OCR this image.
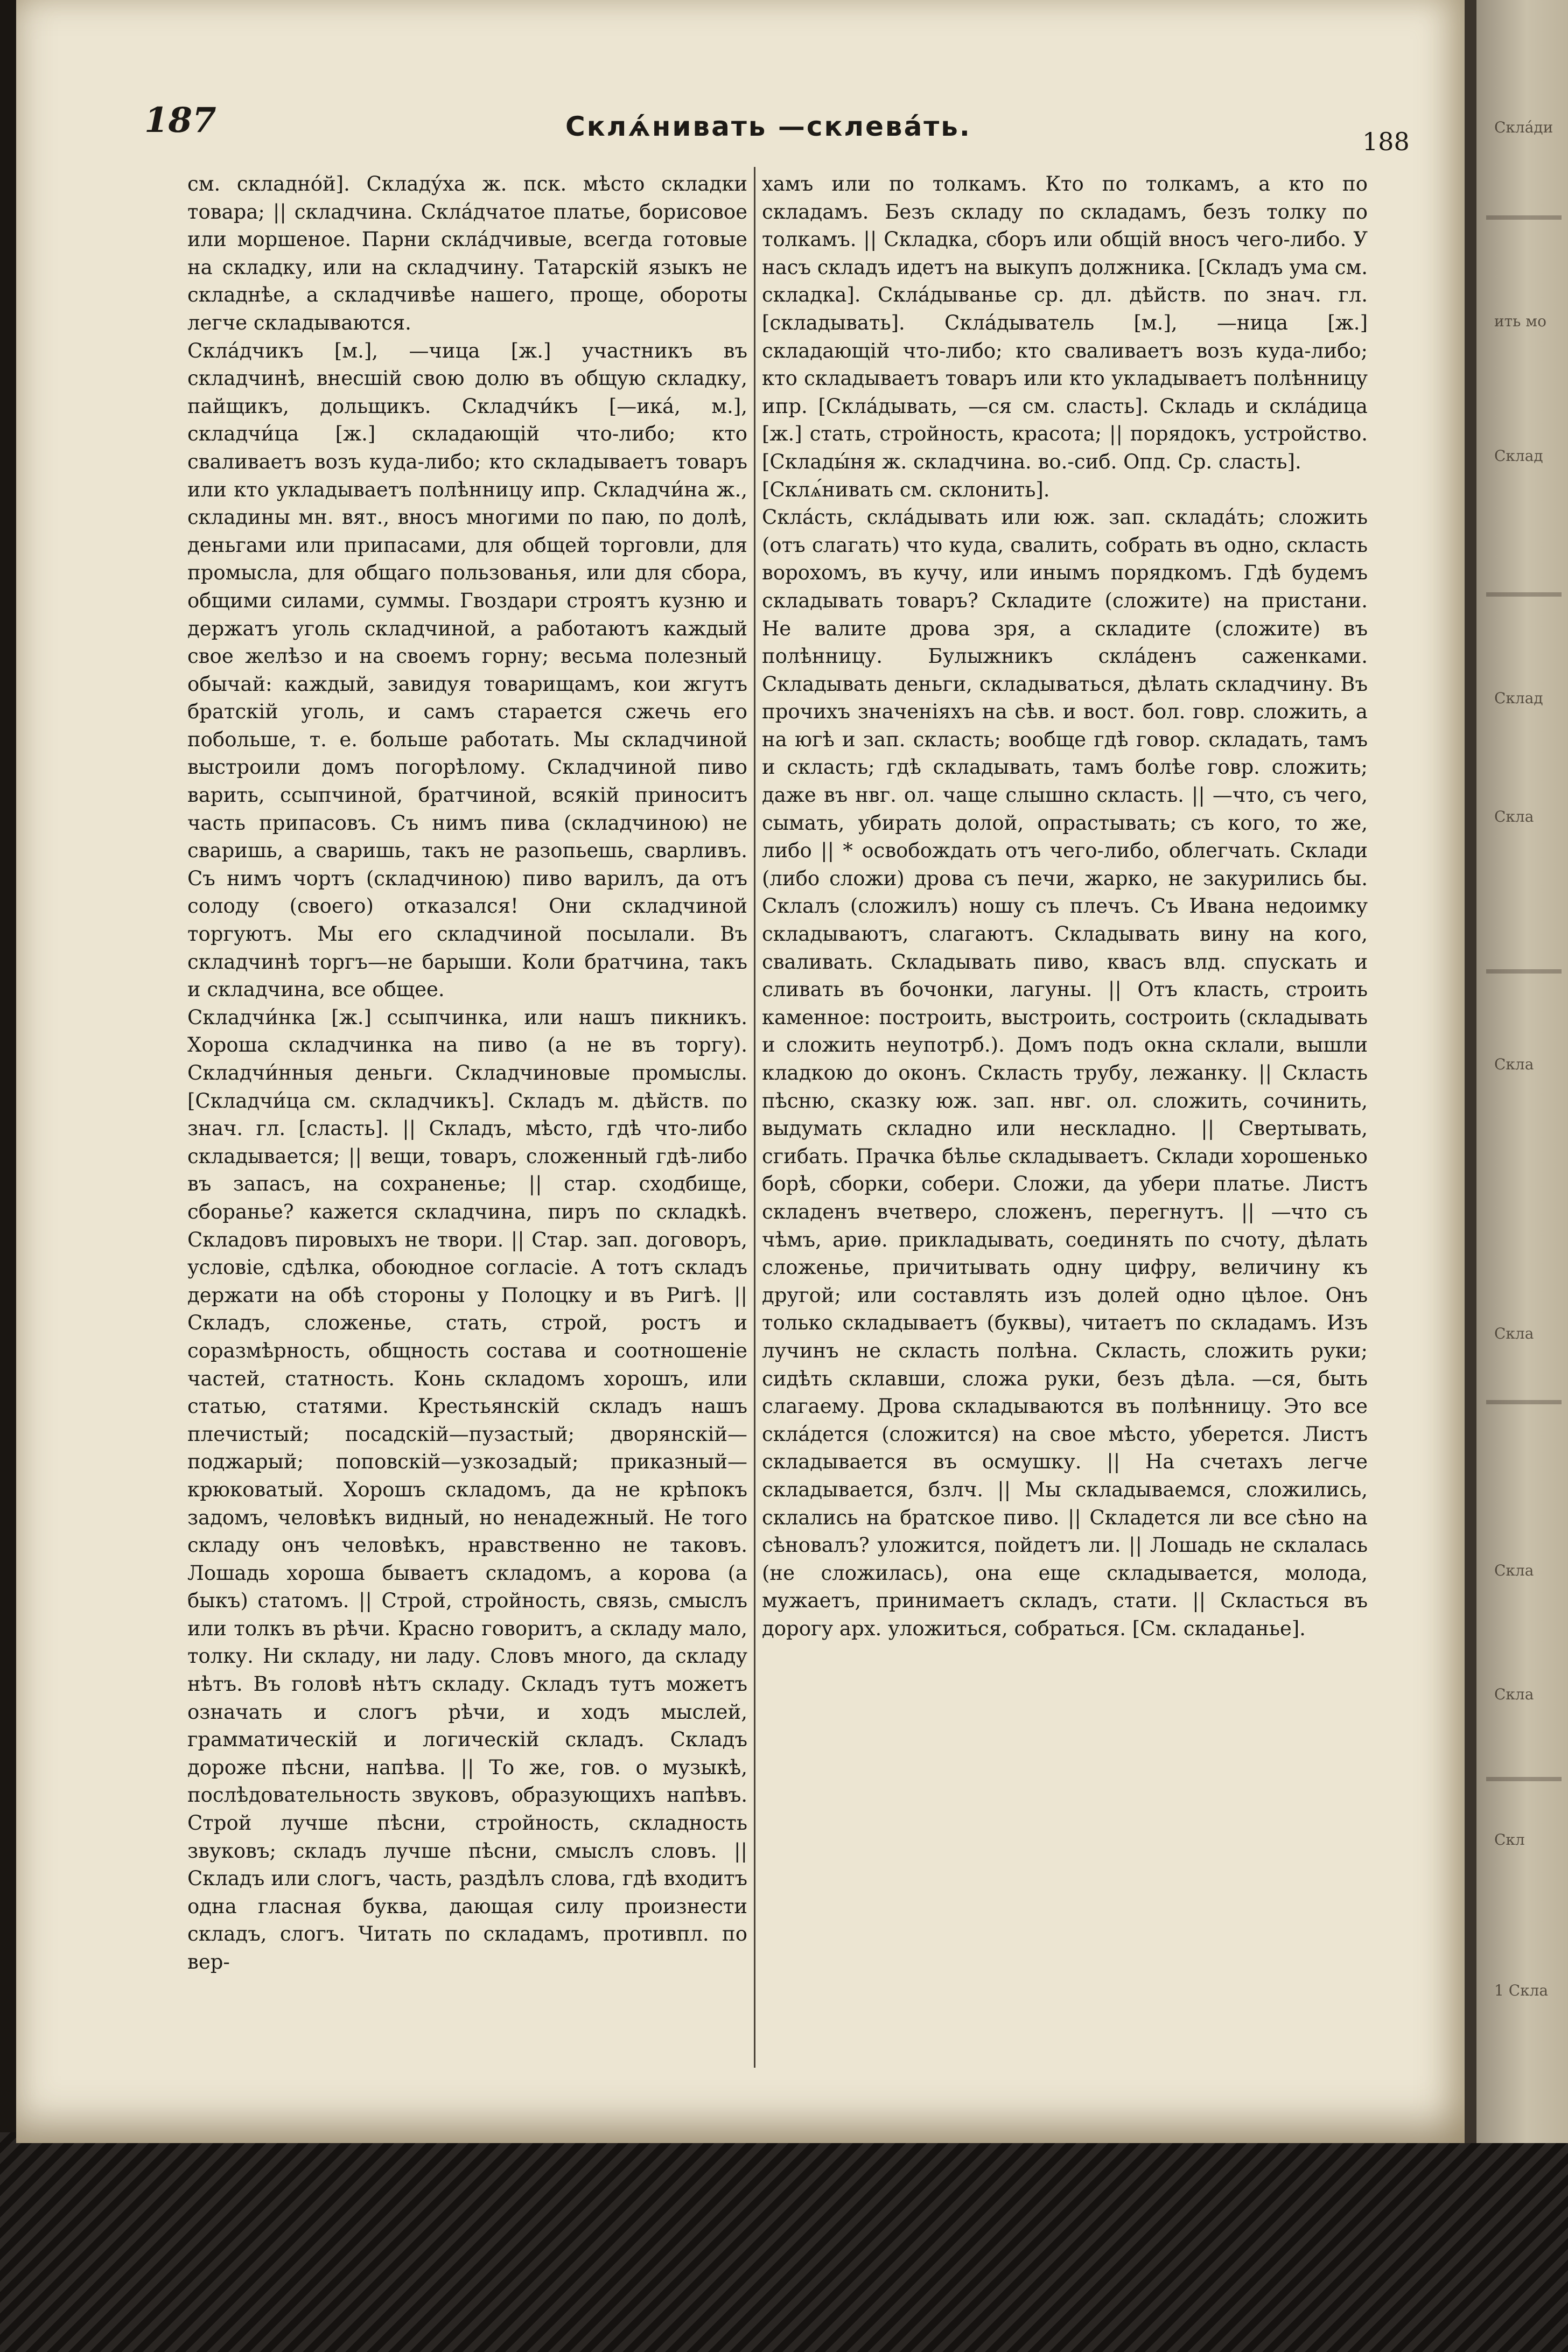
187	Склѧ́нивать —склева́ть.	188

см. складно́й]. Складу́ха ж. пск. мѣсто складки товара; || складчина. Скла́дчатое платье, борисовое или моршеное. Парни скла́дчивые, всегда готовые на складку, или на складчину. Татарскій языкъ не складнѣе, а складчивѣе нашего, проще, обороты легче складываются.

Скла́дчикъ [м.], —чица [ж.] участникъ въ складчинѣ, внесшій свою долю въ общую складку, пайщикъ, дольщикъ. Складчи́къ [—ика́, м.], складчи́ца [ж.] складающій что-либо; кто сваливаетъ возъ куда-либо; кто складываетъ товаръ или кто укладываетъ полѣнницу ипр. Складчи́на ж., складины мн. вят., вносъ многими по паю, по долѣ, деньгами или припасами, для общей торговли, для промысла, для общаго пользованья, или для сбора, общими силами, суммы. Гвоздари строятъ кузню и держатъ уголь складчиной, а работаютъ каждый свое желѣзо и на своемъ горну; весьма полезный обычай: каждый, завидуя товарищамъ, кои жгутъ братскій уголь, и самъ старается сжечь его побольше, т. е. больше работать. Мы складчиной выстроили домъ погорѣлому. Складчиной пиво варить, ссыпчиной, братчиной, всякій приноситъ часть припасовъ. Съ нимъ пива (складчиною) не сваришь, а сваришь, такъ не разопьешь, сварливъ. Съ нимъ чортъ (складчиною) пиво варилъ, да отъ солоду (своего) отказался! Они складчиной торгуютъ. Мы его складчиной посылали. Въ складчинѣ торгъ—не барыши. Коли братчина, такъ и складчина, все общее.

Складчи́нка [ж.] ссыпчинка, или нашъ пикникъ. Хороша складчинка на пиво (а не въ торгу). Складчи́нныя деньги. Складчиновые промыслы. [Складчи́ца см. складчикъ]. Складъ м. дѣйств. по знач. гл. [сласть]. || Складъ, мѣсто, гдѣ что-либо складывается; || вещи, товаръ, сложенный гдѣ-либо въ запасъ, на сохраненье; || стар. сходбище, сборанье? кажется складчина, пиръ по складкѣ. Складовъ пировыхъ не твори. || Стар. зап. договоръ, условіе, сдѣлка, обоюдное согласіе. А тотъ складъ держати на обѣ стороны у Полоцку и въ Ригѣ. || Складъ, сложенье, стать, строй, ростъ и соразмѣрность, общность состава и соотношеніе частей, статность. Конь складомъ хорошъ, или статью, статями. Крестьянскій складъ нашъ плечистый; посадскій—пузастый; дворянскій—поджарый; поповскій—узкозадый; приказный—крюковатый. Хорошъ складомъ, да не крѣпокъ задомъ, человѣкъ видный, но ненадежный. Не того складу онъ человѣкъ, нравственно не таковъ. Лошадь хороша бываетъ складомъ, а корова (а быкъ) статомъ. || Строй, стройность, связь, смыслъ или толкъ въ рѣчи. Красно говоритъ, а складу мало, толку. Ни складу, ни ладу. Словъ много, да складу нѣтъ. Въ головѣ нѣтъ складу. Складъ тутъ можетъ означать и слогъ рѣчи, и ходъ мыслей, грамматическій и логическій складъ. Складъ дороже пѣсни, напѣва. || То же, гов. о музыкѣ, послѣдовательность звуковъ, образующихъ напѣвъ. Строй лучше пѣсни, стройность, складность звуковъ; складъ лучше пѣсни, смыслъ словъ. || Складъ или слогъ, часть, раздѣлъ слова, гдѣ входитъ одна гласная буква, дающая силу произнести складъ, слогъ. Читать по складамъ, противпл. по вер-

хамъ или по толкамъ. Кто по толкамъ, а кто по складамъ. Безъ складу по складамъ, безъ толку по толкамъ. || Складка, сборъ или общій вносъ чего-либо. У насъ складъ идетъ на выкупъ должника. [Складъ ума см. складка]. Скла́дыванье ср. дл. дѣйств. по знач. гл. [складывать]. Скла́дыватель [м.], —ница [ж.] складающій что-либо; кто сваливаетъ возъ куда-либо; кто складываетъ товаръ или кто укладываетъ полѣнницу ипр. [Скла́дывать, —ся см. сласть]. Складь и скла́дица [ж.] стать, стройность, красота; || порядокъ, устройство. [Склады́ня ж. складчина. во.-сиб. Опд. Ср. сласть].

[Склѧ́нивать см. склонить].

Скла́сть, скла́дывать или юж. зап. склада́ть; сложить (отъ слагать) что куда, свалить, собрать въ одно, скласть ворохомъ, въ кучу, или инымъ порядкомъ. Гдѣ будемъ складывать товаръ? Складите (сложите) на пристани. Не валите дрова зря, а складите (сложите) въ полѣнницу. Булыжникъ скла́денъ саженками. Складывать деньги, складываться, дѣлать складчину. Въ прочихъ значеніяхъ на сѣв. и вост. бол. говр. сложить, а на югѣ и зап. скласть; вообще гдѣ говор. складать, тамъ и скласть; гдѣ складывать, тамъ болѣе говр. сложить; даже въ нвг. ол. чаще слышно скласть. || —что, съ чего, сымать, убирать долой, опрастывать; съ кого, то же, либо || * освобождать отъ чего-либо, облегчать. Склади (либо сложи) дрова съ печи, жарко, не закурились бы. Склалъ (сложилъ) ношу съ плечъ. Съ Ивана недоимку складываютъ, слагаютъ. Складывать вину на кого, сваливать. Складывать пиво, квасъ влд. спускать и сливать въ бочонки, лагуны. || Отъ класть, строить каменное: построить, выстроить, состроить (складывать и сложить неупотрб.). Домъ подъ окна склали, вышли кладкою до оконъ. Скласть трубу, лежанку. || Скласть пѣсню, сказку юж. зап. нвг. ол. сложить, сочинить, выдумать складно или нескладно. || Свертывать, сгибать. Прачка бѣлье складываетъ. Склади хорошенько борѣ, сборки, собери. Сложи, да убери платье. Листъ складенъ вчетверо, сложенъ, перегнутъ. || —что съ чѣмъ, ариѳ. прикладывать, соединять по счоту, дѣлать сложенье, причитывать одну цифру, величину къ другой; или составлять изъ долей одно цѣлое. Онъ только складываетъ (буквы), читаетъ по складамъ. Изъ лучинъ не скласть полѣна. Скласть, сложить руки; сидѣть склавши, сложа руки, безъ дѣла. —ся, быть слагаему. Дрова складываются въ полѣнницу. Это все скла́дется (сложится) на свое мѣсто, уберется. Листъ складывается въ осмушку. || На счетахъ легче складывается, бзлч. || Мы складываемся, сложились, склались на братское пиво. || Складется ли все сѣно на сѣновалъ? уложится, пойдетъ ли. || Лошадь не склалась (не сложилась), она еще складывается, молода, мужаетъ, принимаетъ складъ, стати. || Скласться въ дорогу арх. уложиться, собраться. [См. складанье].

Скла́ди
ить мо
Склад
Склад
Скла
Скла
Скла
Скла
Скла
Скл
1 Скла
